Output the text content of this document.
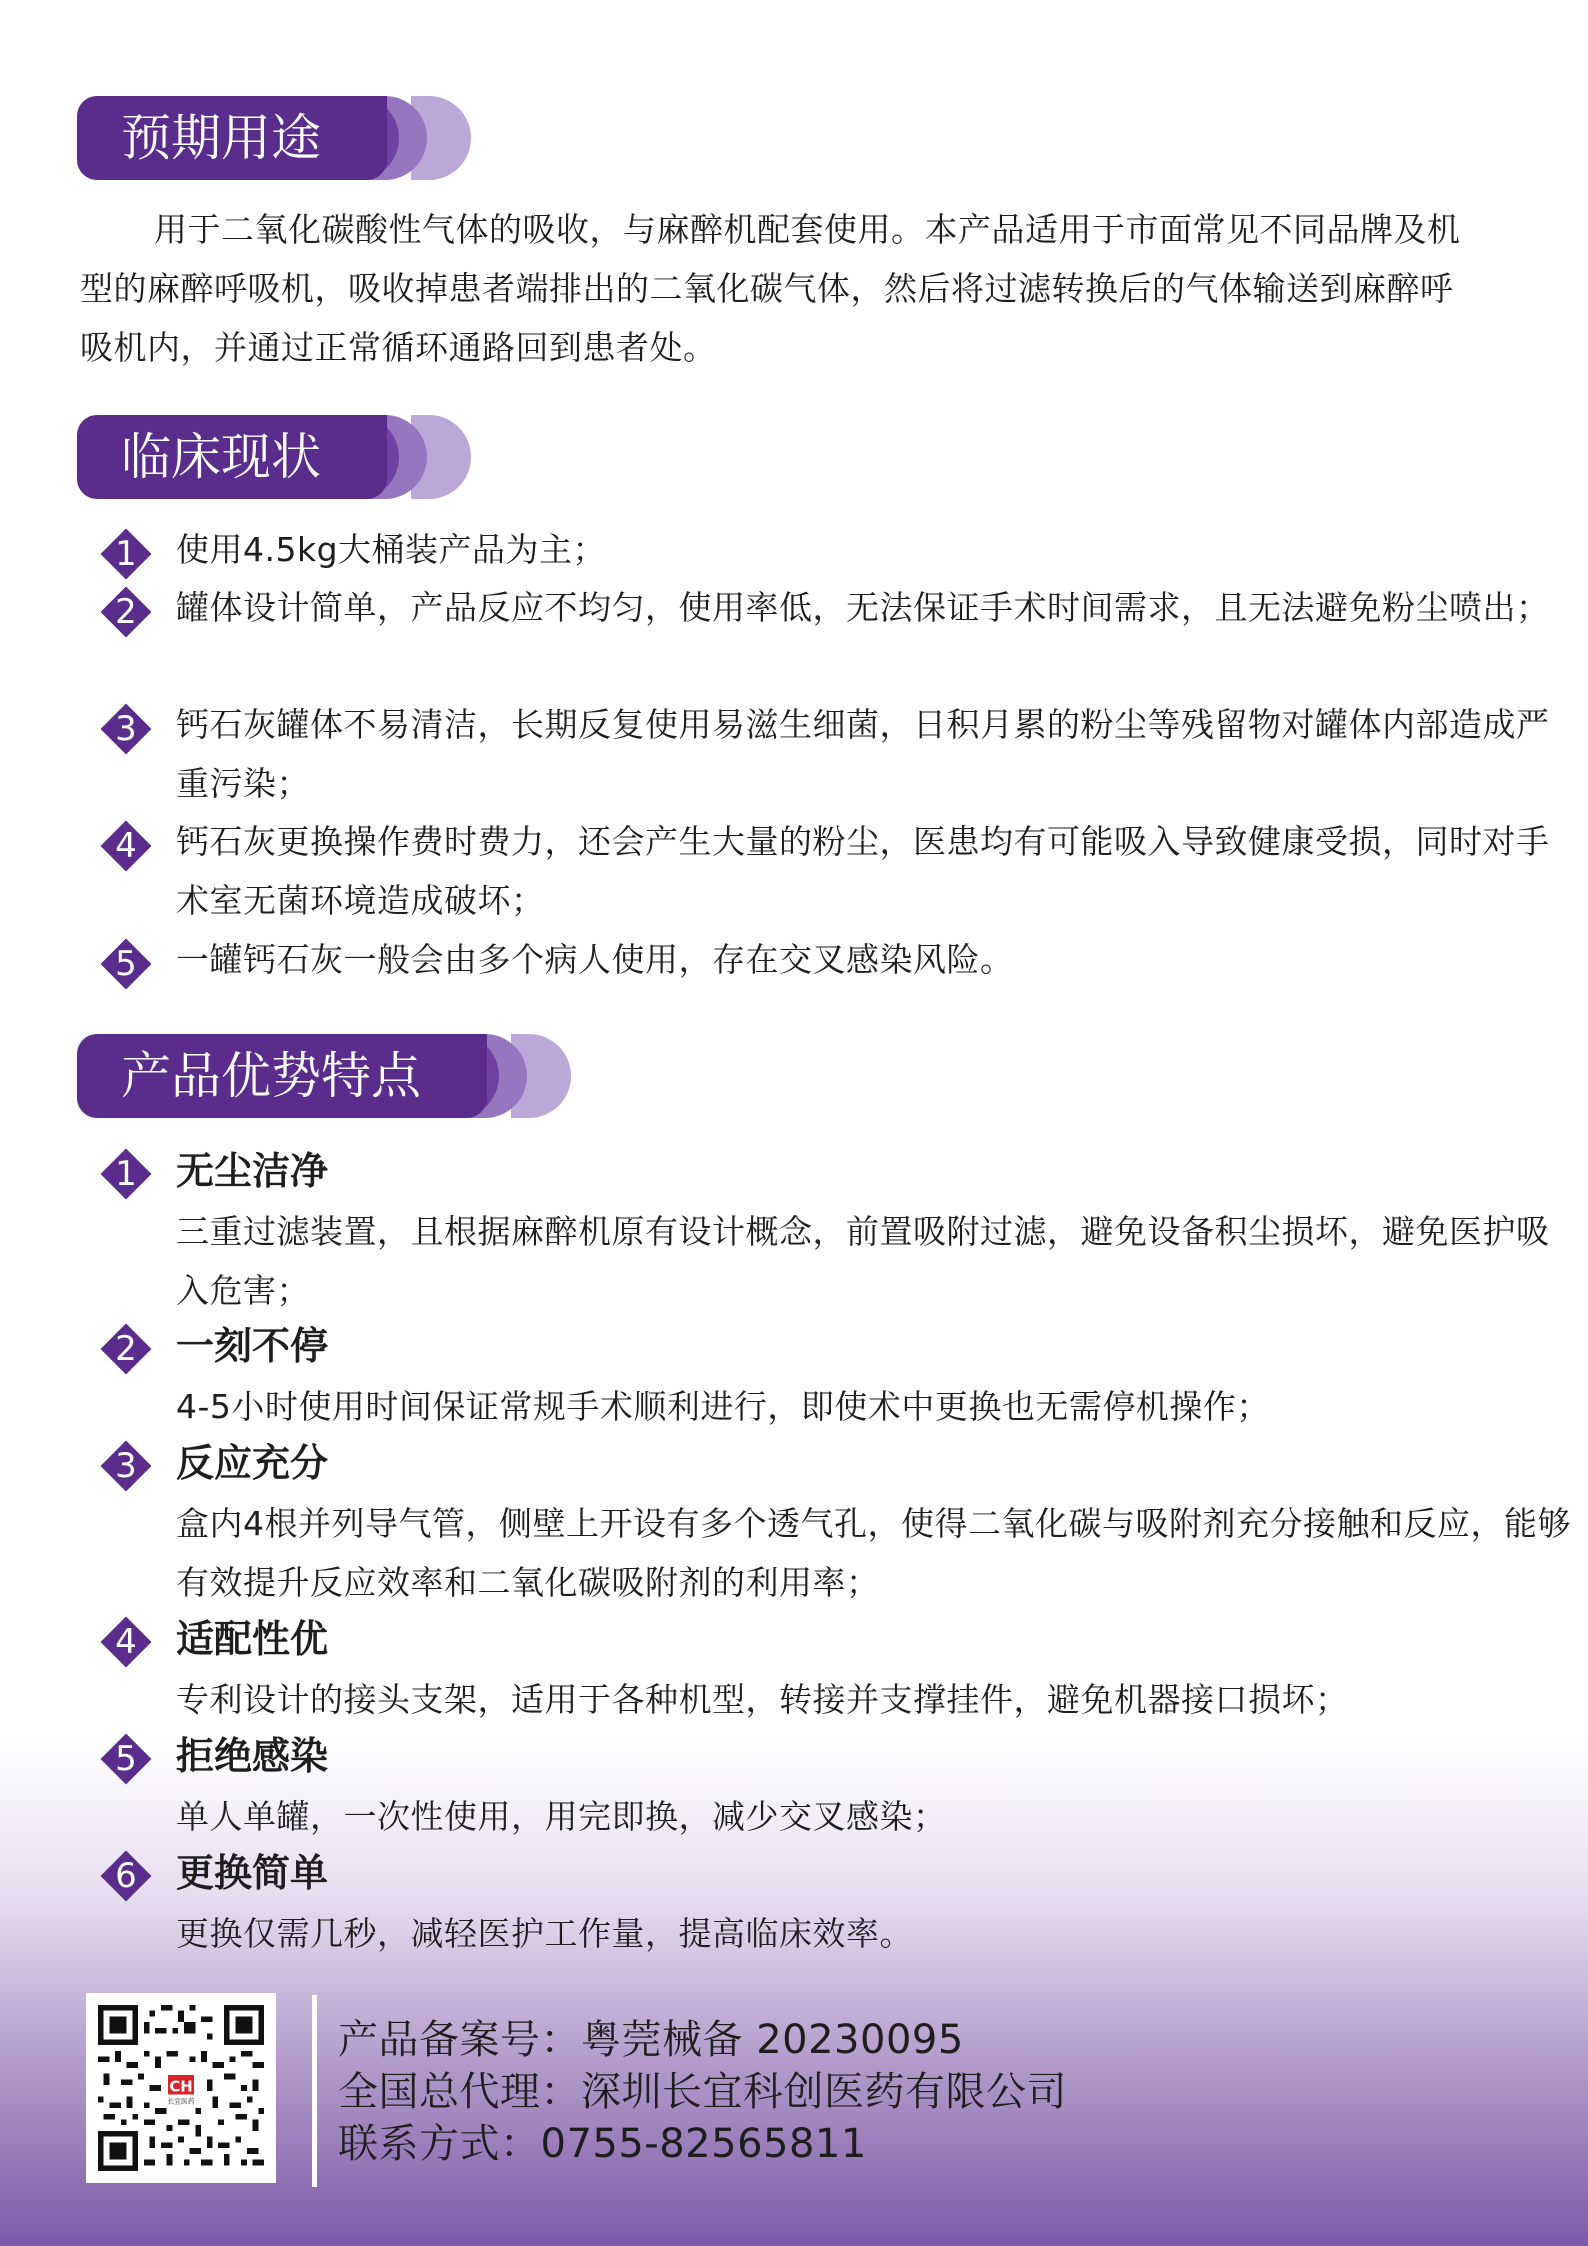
预期用途

用于二氧化碳酸性气体的吸收，与麻醉机配套使用。本产品适用于市面常见不同品牌及机型的麻醉呼吸机，吸收掉患者端排出的二氧化碳气体，然后将过滤转换后的气体输送到麻醉呼吸机内，并通过正常循环通路回到患者处。

临床现状
1	使用4.5kg大桶装产品为主；

2	罐体设计简单，产品反应不均匀，使用率低，无法保证手术时间需求，且无法避免粉尘喷出；

3	钙石灰罐体不易清洁，长期反复使用易滋生细菌，日积月累的粉尘等残留物对罐体内部造成严重污染；

4	钙石灰更换操作费时费力，还会产生大量的粉尘，医患均有可能吸入导致健康受损，同时对手术室无菌环境造成破坏；

5	一罐钙石灰一般会由多个病人使用，存在交叉感染风险。

产品优势特点
1	无尘洁净

三重过滤装置，且根据麻醉机原有设计概念，前置吸附过滤，避免设备积尘损坏，避免医护吸入危害；

2	一刻不停

4-5小时使用时间保证常规手术顺利进行，即使术中更换也无需停机操作；

3	反应充分

盒内4根并列导气管，侧壁上开设有多个透气孔，使得二氧化碳与吸附剂充分接触和反应，能够有效提升反应效率和二氧化碳吸附剂的利用率；

4	适配性优

专利设计的接头支架，适用于各种机型，转接并支撑挂件，避免机器接口损坏；

5	拒绝感染

单人单罐，一次性使用，用完即换，减少交叉感染；

6	更换简单

更换仅需几秒，减轻医护工作量，提高临床效率。

CH
长宜医药
产品备案号：粤莞械备 20230095
全国总代理：深圳长宜科创医药有限公司
联系方式：0755-82565811
